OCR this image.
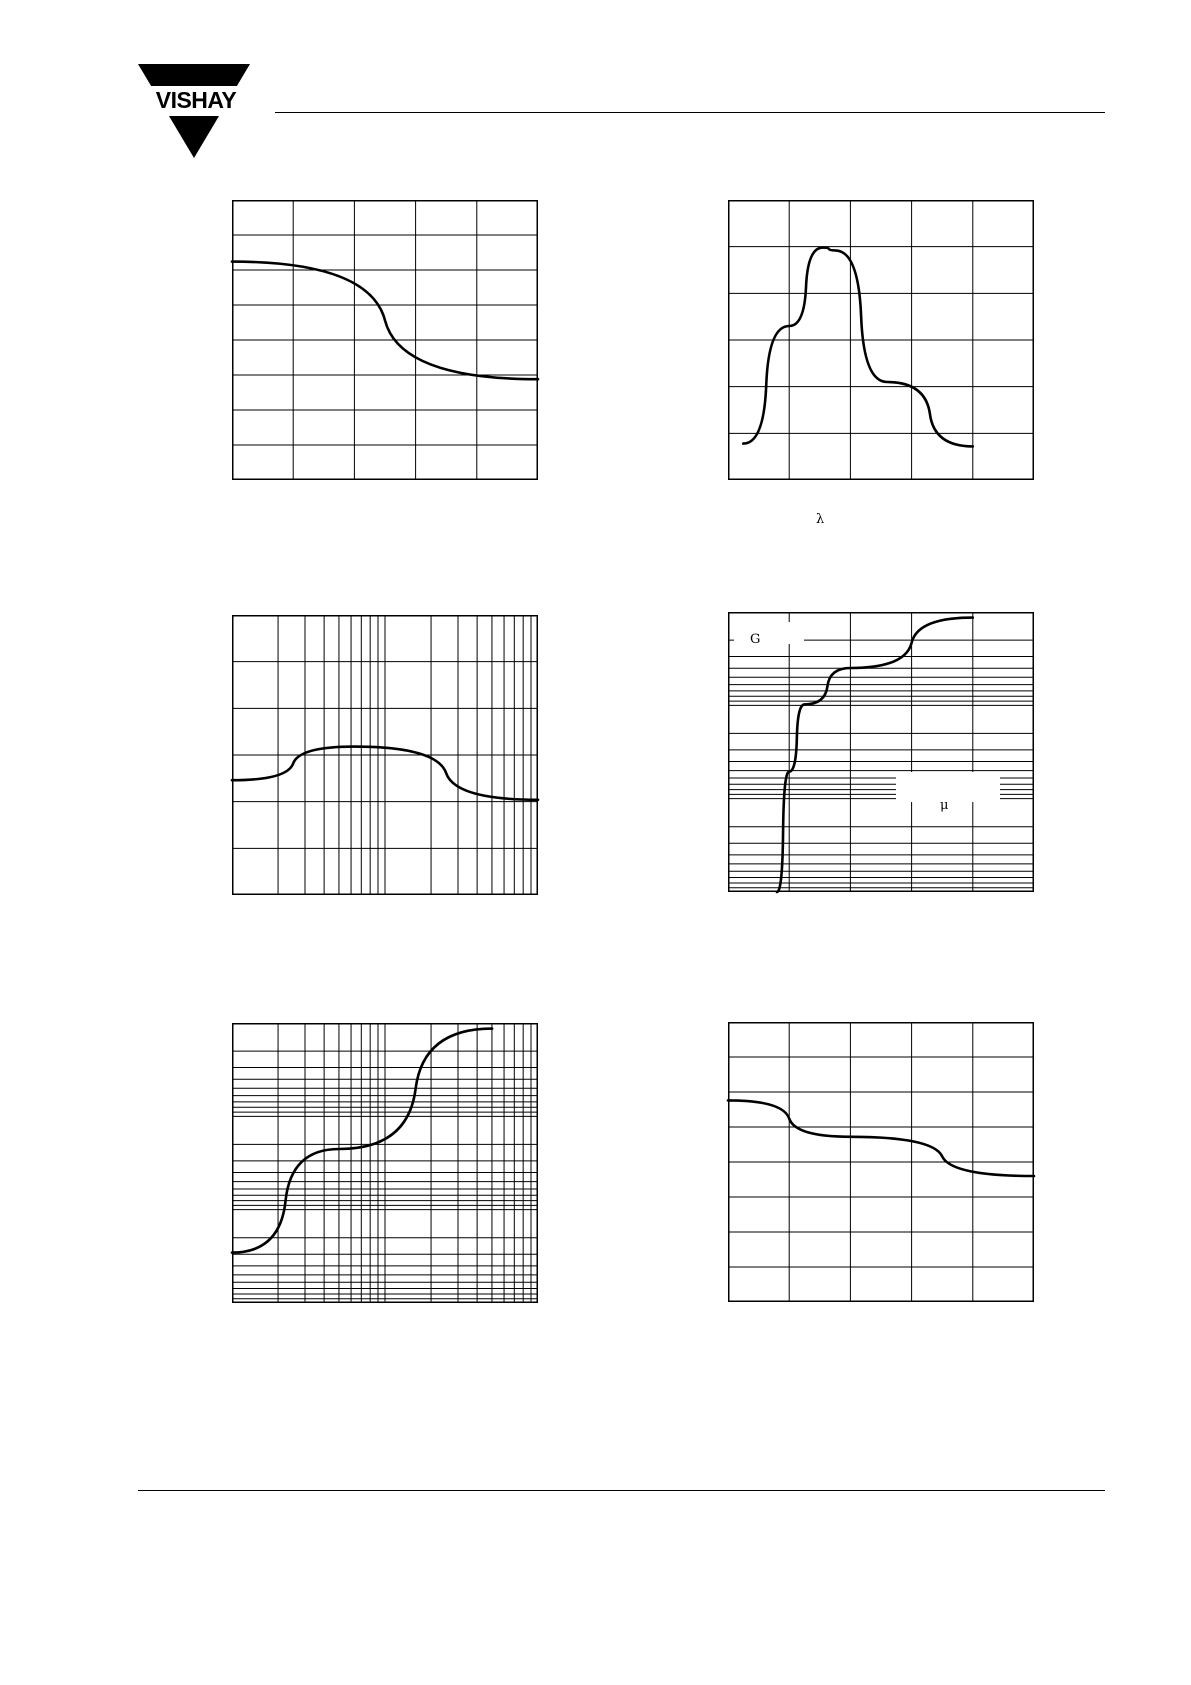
VISHAY
λ
G
μ
